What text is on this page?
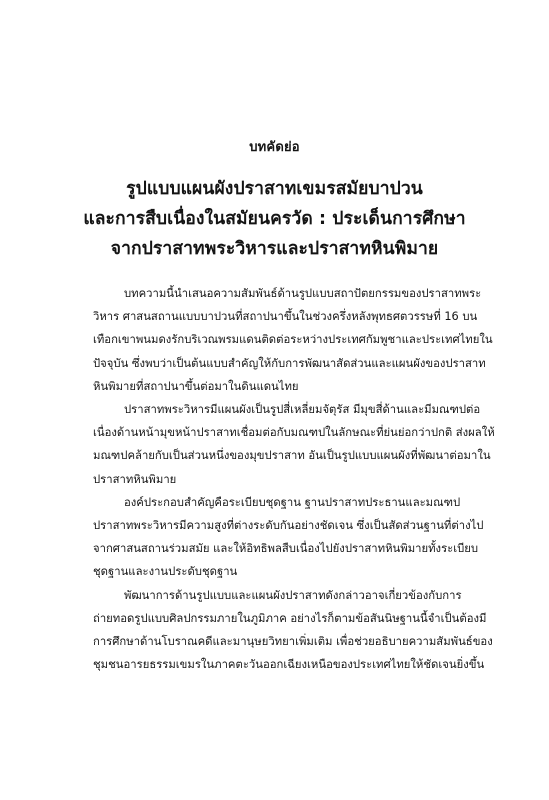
บทคัดย่อ
รูปแบบแผนผังปราสาทเขมรสมัยบาปวน
และการสืบเนื่องในสมัยนครวัด : ประเด็นการศึกษา
จากปราสาทพระวิหารและปราสาทหินพิมาย

บทความนี้นำเสนอความสัมพันธ์ด้านรูปแบบสถาปัตยกรรมของปราสาทพระ
วิหาร ศาสนสถานแบบบาปวนที่สถาปนาขึ้นในช่วงครึ่งหลังพุทธศตวรรษที่ 16 บน
เทือกเขาพนมดงรักบริเวณพรมแดนติดต่อระหว่างประเทศกัมพูชาและประเทศไทยใน
ปัจจุบัน ซึ่งพบว่าเป็นต้นแบบสำคัญให้กับการพัฒนาสัดส่วนและแผนผังของปราสาท
หินพิมายที่สถาปนาขึ้นต่อมาในดินแดนไทย

ปราสาทพระวิหารมีแผนผังเป็นรูปสี่เหลี่ยมจัตุรัส มีมุขสี่ด้านและมีมณฑปต่อ
เนื่องด้านหน้ามุขหน้าปราสาทเชื่อมต่อกับมณฑปในลักษณะที่ย่นย่อกว่าปกติ ส่งผลให้
มณฑปคล้ายกับเป็นส่วนหนึ่งของมุขปราสาท อันเป็นรูปแบบแผนผังที่พัฒนาต่อมาใน
ปราสาทหินพิมาย

องค์ประกอบสำคัญคือระเบียบชุดฐาน ฐานปราสาทประธานและมณฑป
ปราสาทพระวิหารมีความสูงที่ต่างระดับกันอย่างชัดเจน ซึ่งเป็นสัดส่วนฐานที่ต่างไป
จากศาสนสถานร่วมสมัย และให้อิทธิพลสืบเนื่องไปยังปราสาทหินพิมายทั้งระเบียบ
ชุดฐานและงานประดับชุดฐาน

พัฒนาการด้านรูปแบบและแผนผังปราสาทดังกล่าวอาจเกี่ยวข้องกับการ
ถ่ายทอดรูปแบบศิลปกรรมภายในภูมิภาค อย่างไรก็ตามข้อสันนิษฐานนี้จำเป็นต้องมี
การศึกษาด้านโบราณคดีและมานุษยวิทยาเพิ่มเติม เพื่อช่วยอธิบายความสัมพันธ์ของ
ชุมชนอารยธรรมเขมรในภาคตะวันออกเฉียงเหนือของประเทศไทยให้ชัดเจนยิ่งขึ้น
